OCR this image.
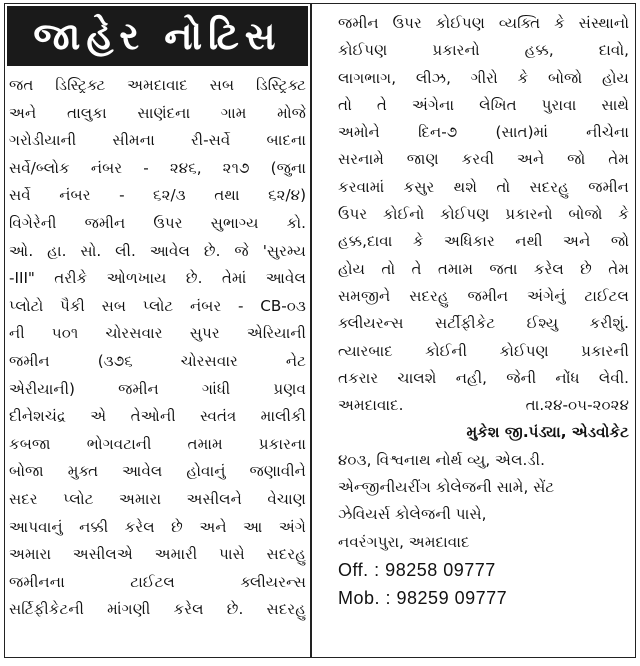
જાહેર નોટિસ
જત ડિસ્ટ્રિક્ટ અમદાવાદ સબ ડિસ્ટ્રિક્ટ
અને તાલુકા સાણંદના ગામ મોજે
ગરોડીયાની સીમના રી-સર્વે બાદના
સર્વે/બ્લોક નંબર - ૨૪૬, ૨૧૭ (જુના
સર્વે નંબર - ૬૨/૩ તથા ૬૨/૪)
વિગેરેની જમીન ઉપર સુભાગ્ય કો.
ઓ. હા. સો. લી. આવેલ છે. જે 'સુરમ્ય
-III" તરીકે ઓળખાય છે. તેમાં આવેલ
પ્લોટો પૈકી સબ પ્લોટ નંબર - CB-૦૩
ની ૫૦૧ ચોરસવાર સુપર એરિયાની
જમીન (૩૭૬ ચોરસવાર નેટ
એરીયાની) જમીન ગાંધી પ્રણવ
દીનેશચંદ્ર એ તેઓની સ્વતંત્ર માલીકી
કબજા ભોગવટાની તમામ પ્રકારના
બોજા મુક્ત આવેલ હોવાનું જણાવીને
સદર પ્લોટ અમારા અસીલને વેચાણ
આપવાનું નક્કી કરેલ છે અને આ અંગે
અમારા અસીલએ અમારી પાસે સદરહુ
જમીનના ટાઈટલ ક્લીયરન્સ
સર્ટિફીકેટની માંગણી કરેલ છે. સદરહુ
જમીન ઉપર કોઈપણ વ્યક્તિ કે સંસ્થાનો
કોઈપણ પ્રકારનો હક્ક, દાવો,
લાગભાગ, લીઝ, ગીરો કે બોજો હોય
તો તે અંગેના લેખિત પુરાવા સાથે
અમોને દિન-૭ (સાત)માં નીચેના
સરનામે જાણ કરવી અને જો તેમ
કરવામાં કસુર થશે તો સદરહુ જમીન
ઉપર કોઈનો કોઈપણ પ્રકારનો બોજો કે
હક્ક,દાવા કે અધિકાર નથી અને જો
હોય તો તે તમામ જતા કરેલ છે તેમ
સમજીને સદરહુ જમીન અંગેનું ટાઈટલ
ક્લીયરન્સ સર્ટીફીકેટ ઈશ્યુ કરીશું.
ત્યારબાદ કોઈની કોઈપણ પ્રકારની
તકરાર ચાલશે નહી, જેની નોંધ લેવી.
અમદાવાદ.	તા.૨૪-૦૫-૨૦૨૪
મુકેશ જી.પંડ્યા, એડવોકેટ
૪૦૩, વિશ્વનાથ નોર્થ વ્યુ, એલ.ડી.
એન્જીનીયરીંગ કોલેજની સામે, સેંટ
ઝેવિયર્સ કોલેજની પાસે,
નવરંગપુરા, અમદાવાદ
Off. : 98258 09777
Mob. : 98259 09777
